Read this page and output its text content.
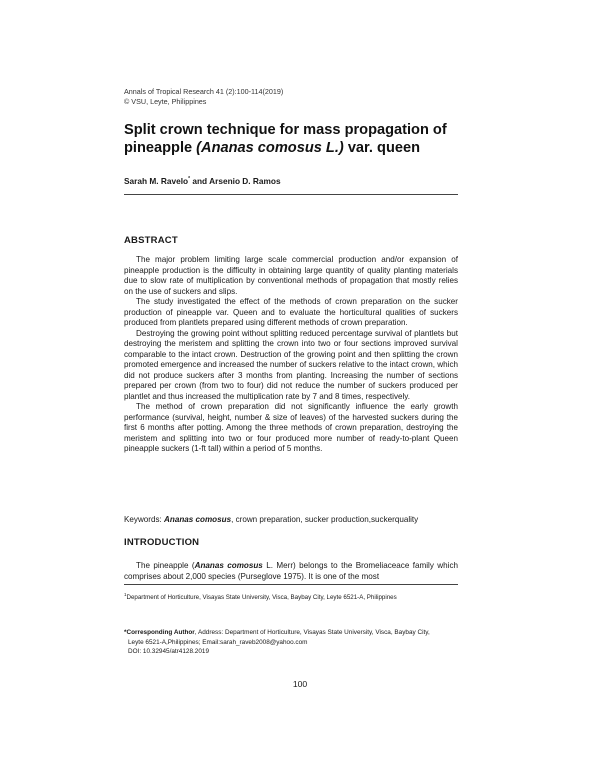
Annals of Tropical Research 41 (2):100-114(2019)
© VSU, Leyte, Philippines
Split crown technique for mass propagation of
pineapple (Ananas comosus L.) var. queen
Sarah M. Ravelo* and Arsenio D. Ramos
ABSTRACT

The major problem limiting large scale commercial production and/or expansion of pineapple production is the difficulty in obtaining large quantity of quality planting materials due to slow rate of multiplication by conventional methods of propagation that mostly relies on the use of suckers and slips.

The study investigated the effect of the methods of crown preparation on the sucker production of pineapple var. Queen and to evaluate the horticultural qualities of suckers produced from plantlets prepared using different methods of crown preparation.

Destroying the growing point without splitting reduced percentage survival of plantlets but destroying the meristem and splitting the crown into two or four sections improved survival comparable to the intact crown. Destruction of the growing point and then splitting the crown promoted emergence and increased the number of suckers relative to the intact crown, which did not produce suckers after 3 months from planting. Increasing the number of sections prepared per crown (from two to four) did not reduce the number of suckers produced per plantlet and thus increased the multiplication rate by 7 and 8 times, respectively.

The method of crown preparation did not significantly influence the early growth performance (survival, height, number & size of leaves) of the harvested suckers during the first 6 months after potting. Among the three methods of crown preparation, destroying the meristem and splitting into two or four produced more number of ready-to-plant Queen pineapple suckers (1-ft tall) within a period of 5 months.

Keywords: Ananas comosus, crown preparation, sucker production,suckerquality
INTRODUCTION

The pineapple (Ananas comosus L. Merr) belongs to the Bromeliaceace family which comprises about 2,000 species (Purseglove 1975). It is one of the most

$^1$Department of Horticulture, Visayas State University, Visca, Baybay City, Leyte 6521-A, Philippines
*Corresponding Author, Address: Department of Horticulture, Visayas State University, Visca, Baybay City,
Leyte 6521-A,Philippines; Email:sarah_raveb2008@yahoo.com
DOI: 10.32945/atr4128.2019
100
